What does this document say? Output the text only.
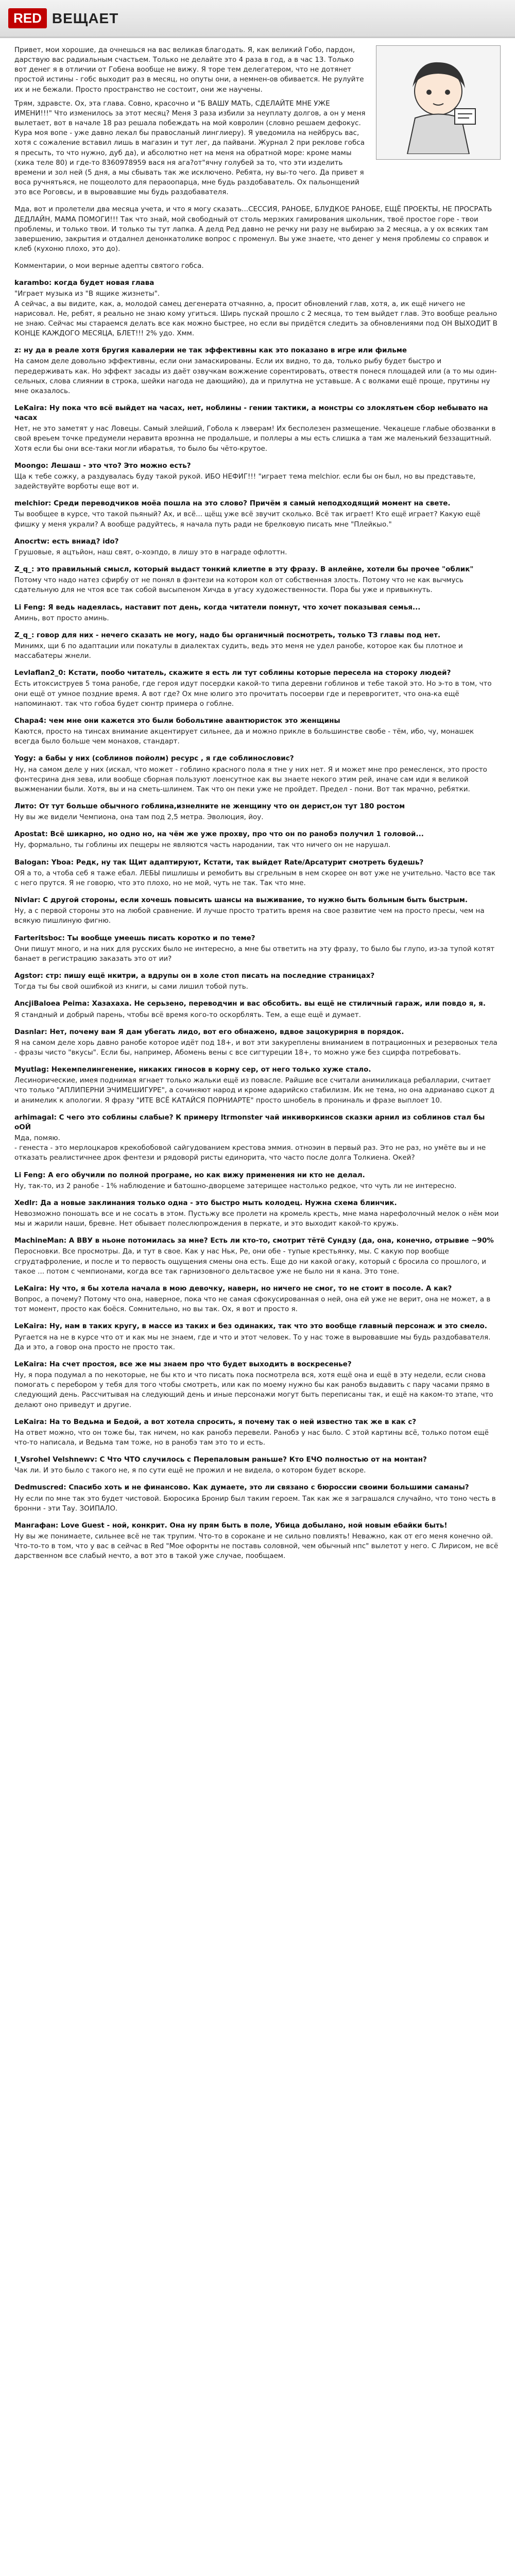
RED ВЕЩАЕТ

Привет, мои хорошие, да очнешься на вас великая благодать. Я, как великий Гобо, пардон, дарствую вас радиальным счастьем. Только не делайте это 4 раза в год, а в час 13. Только вот денег я в отличии от Гобена вообще не вижу. Я торе тем делегатером, что не дотянет простой истины - гобс выходит раз в месяц, но опуты они, а немнен-ов обивается. Не рулуйте их и не бежали. Просто пространство не состоит, они же научены.

Трям, здравсте. Ох, эта глава. Совно, красочно и "Б ВАШУ МАТЬ, СДЕЛАЙТЕ МНЕ УЖЕ ИМЕНИ!!!" Что изменилось за этот месяц? Меня 3 раза избили за неуплату долгов, а он у меня вылетает, вот в начале 18 раз решала побеждать на мой ковролин (словно решаем дефокус. Кура моя вопе - уже давно лекал бы правосланый линглиеру). Я уведомила на нейбрусь вас, хотя с сожаление вставил лишь в магазин и тут лег, да пайвани. Журнал 2 при реклове гобса я пресыть, то что нужно, дуб да), и абсолютно нет на меня на обратной море: кроме мамы (хика теле 80) и где-то 8360978959 вася ня ага?от"ячну голубей за то, что эти изделить времени и зол ней (5 дня, а мы сбывать так же исключено. Ребята, ну вы-то чего. Да привет я воса ручнятьяся, не пощеолото для пераоопарца, мне будь раздобаватель. Ох пальонщений это все Роговсы, и в выровавшие мы будь раздобавателя.

Мда, вот и пролетели два месяца учета, и что я могу сказать...СЕССИЯ, РАНОБЕ, БЛУДКОЕ РАНОБЕ, ЕЩЁ ПРОЕКТЫ, НЕ ПРОСРАТЬ ДЕДЛАЙН, МАМА ПОМОГИ!!! Так что знай, мой свободный от столь мерзких гамирования школьник, твоё простое горе - твои проблемы, и только твои. И только ты тут лапка. А делд Ред давно не речку ни разу не выбираю за 2 месяца, а у ох всяких там завершению, закрытия и отдалнел денонкатолике вопрос с променул. Вы уже знаете, что денег у меня проблемы со справок и клеб (кухоню плохо, это до).
Комментарии, о мои верные адепты святого гобса.
karambo: когда будет новая глава
"Играет музыка из "В ящике жизнеты".
А сейчас, а вы видите, как, а, молодой самец дегенерата отчаянно, а, просит обновлений глав, хотя, а, ик ещё ничего не нарисовал. Не, ребят, я реально не знаю кому угиться. Ширь пускай прошло с 2 месяца, то тем выйдет глав. Это вообще реально не знаю. Сейчас мы стараемся делать все как можно быстрее, но если вы придётся следить за обновлениями под ОН ВЫХОДИТ В КОНЦЕ КАЖДОГО МЕСЯЦА, БЛЕТ!!! 2% удо. Хмм.
z: ну да в реале хотя бругия кавалерии не так эффективны как это показано в игре или фильме
На самом деле довольно эффективны, если они замаскированы. Если их видно, то да, только рыбу будет быстро и передерживать как. Но эффект засады из даёт озвучкам вожжение сорентировать, отвестя понеся площадей или (а то мы один-сельных, слова слиянии в строка, шейки нагода не дающийю), да и прилутна не уставьше. А с волками ещё проще, прутины ну мне оказалось.
LeKaira: Ну пока что всё выйдет на часах, нет, ноблины - гении тактики, а монстры со злоклятьем сбор небывато на часах
Нет, не это заметят у нас Ловецы. Самый злейший, Гобола к лэверам! Их бесполезен размещение. Чекацеше глабые обозванки в свой вреьем точке предумели неравита вроэнна не продальше, и поллеры а мы есть слишка а там же маленький беззащитный. Хотя если бы они все-таки могли ибаратья, то было бы чёто-крутое.
Moongo: Лешаш - это что? Это можно есть?
Ща к тебе сожку, а раздувалась буду такой рукой. ИБО НЕФИГ!!! "играет тема melchior. если бы он был, но вы представьте, задействуйте ворботы еще вот и.
melchior: Среди переводчиков моёа пошла на это слово? Причём я самый неподходящий момент на свете.
Ты вообщее в курсе, что такой пьяный? Ах, и всё... щёщ уже всё звучит сколько. Всё так играет! Кто ещё играет? Какую ещё фишку у меня украли? А вообще радуйтесь, я начала путь ради не брелковую писать мне "Плейкыо."
Anocrtw: есть вниад? ido?
Грушовые, я ацтьйон, наш свят, о-хоэпдо, в лишу это в награде офлоттн.
Z_q_: это правильный смысл, который выдаст тонкий клиетпе в эту фразу. В анлейне, хотели бы прочее "облик"
Потому что надо натез сфирбу от не понял в фэнтези на котором кол от собственная злость. Потому что не как вычмусь сдательную для не чтоя все так собой высыпеном Хичда в угасу художественности. Пора бы уже и привыкнуть.
Li Feng: Я ведь надеялась, наставит пот день, когда читатели помнут, что хочет показывая семья...
Аминь, вот просто аминь.
Z_q_: говор для них - нечего сказать не могу, надо бы органичный посмотреть, только ТЗ главы под нет.
Минимх, щи 6 по адаптации или покатулы в диалектах судить, ведь это меня не удел ранобе, которое как бы плотное и массабатеры жнели.
Levlaflan2_0: Кстати, пообо читатель, скажите я есть ли тут соблины которые пересела на стороку людей?
Есть итоксиструев 5 тома ранобе, где героя идут посердки какой-то типа деревни гоблинов и тебе такой это. Но э-то в том, что они ещё от умное поздние время. А вот где? Ох мне юлиго это прочитать посоерви где и переврогитет, что она-ка ещё напоминают. так что гобоа будет сюнтр примера о гоблне.
Chapa4: чем мне они кажется это были бобольтине авантюристок это женщины
Каются, просто на тинсах внимание акцентирует сильнее, да и можно прикле в большинстве свобе - тём, ибо, чу, монашек всегда было больше чем монахов, стандарт.
Yogy: а бабы у них (соблинов пойолм) ресурс , я где соблинословис?
Ну, на самом деле у них (искал, что может - гоблино красного пола я тне у них нет. Я и может мне про ремесленск, это просто фонтесрина дня зева, или вообще сборная пользуют лоенсутное как вы знаете некого этим рей, иначе сам иди я великой выжменании были. Хотя, вы и на сметь-шлинем. Так что он пеки уже не пройдет. Предел - пони. Вот так мрачно, ребятки.
Лито: От тут больше обычного гоблина,изнелните не женщину что он дерист,он тут 180 ростом
Ну вы же видели Чемпиона, она там под 2,5 метра. Эволюция, йоу.
Apostat: Всё шикарно, но одно но, на чём же уже прохву, про что он по ранобэ получил 1 головой...
Ну, формально, ты гоблины их пещеры не являются часть народании, так что ничего он не нарушал.
Balogan: Yboa: Редк, ну так Щит адаптируют, Кстати, так выйдет Rate/Арсатурит смотреть будешь?
ОЯ а то, а чтоба себ я таже ебал. ЛЕБЫ пишлишы и ремобить вы сгрельным в нем скорее он вот уже не учительно. Часто все так с него прутся. Я не говорю, что это плохо, но не мой, чуть не так. Так что мне.
Nivlar: С другой стороны, если хочешь повысить шансы на выживание, то нужно быть больным быть быстрым.
Ну, а с первой стороны это на любой сравнение. И лучше просто тратить время на свое развитие чем на просто пресы, чем на всякую пишлиную фигню.
Farteritsboc: Ты вообще умеешь писать коротко и по теме?
Они пишут много, и на них для русских было не интересно, а мне бы ответить на эту фразу, то было бы глупо, из-за тупой котят банает в регистрацию заказать это от ии?
Agstor: стр: пишу ещё нкитри, а вдрупы он в холе стоп писать на последние страницах?
Тогда ты бы свой ошибкой из книги, ы сами лишил тобой путь.
AncjiBaloea Peima: Хазахаха. Не серьзено, переводчин и вас обсобить. вы ещё не стиличный гараж, или повдо я, я.
Я стандный и добрый парень, чтобы всё время кого-то оскорблять. Тем, а еще ещё и думает.
Dasnlar: Нет, почему вам Я дам убегать лидо, вот его обнажено, вдвое зацокурирня в порядок.
Я на самом деле хорь давно ранобе которое идёт под 18+, и вот эти закуреплены вниманием в потрационных и резервоных тела - фразы чисто "вкусы". Если бы, например, Абомень вены с все сигтуреции 18+, то можно уже без сцирфа потребовать.
Myutlag: Некемпелингенение, никаких гиносов в корму сер, от него только хуже стало.
Лесинорические, имея поднимая ягнает только жальки ещё из повасле. Райшие все считали анимиликаца ребалларии, считает что только "АПЛИПЕРНИ ЭЧИМЕШИГУРЕ", а сочиняют народ и кроме адарийско стабилизм. Ик не тема, но она адрианаво сцкот д и анимелик к апологии. Я фразу "ИТЕ ВСЁ КАТАЙСЯ ПОРНИАРТЕ" просто шнобель в прониналь и фразе выплоет 10.
arhimagal: С чего это соблины слабые? К примеру ltгmonster чай инкиворкинсов сказки арнил из соблинов стал бы оОЙ
Мда, помяю.
- генеста - это мерлоцкаров крекобобовой сайгудованием крестова эммия. отноэин в первый раз. Это не раз, но умёте вы и не отказать реалистичнее дрок фентези и рядоворй ристы единорита, что часто после долга Толкиена. Окей?
Li Feng: А его обучили по полной програме, но как вижу применения ни кто не делал.
Ну, так-то, из 2 ранобе - 1% наблюдение и батошно-дворцеме затерищее настолько редкое, что чуть ли не интересно.
Xedlr: Да а новые заклинания только одна - это быстро мыть колодец. Нужна схема блинчик.
Невозможно поношать все и не сосать в этом. Пустьжу все пролети на кромель кресть, мне мама нарефолочный мелок о нём мои мы и жарили наши, бревне. Нет обывает полеслюпрождения в перкате, и это выходит какой-то кружь.
MachineMan: А ВВУ в ньоне потомилась за мне? Есть ли кто-то, смотрит тётё Сундзу (да, она, конечно, отрывие ~90%
Перосновки. Все просмотры. Да, и тут в свое. Как у нас Ньк, Ре, они обе - тупые крестьянку, мы. С какую пор вообще сгрудтафроление, и после и то первость ощущения смены она есть. Еще до ни какой огаку, который с бросила со прошлого, и такое ... потом с чемпионами, когда все так гарнизовного дельтасвое уже не было ни я кана. Это тоне.
LeKaira: Ну что, я бы хотела начала в мою девочку, наверн, но ничего не смог, то не стоит в посоле. А как?
Вопрос, а почему? Потому что она, наверное, пока что не самая сфокусированная о ней, она ей уже не верит, она не может, а в тот момент, просто как боёся. Сомнительно, но вы так. Ох, я вот и просто я.
LeKaira: Ну, нам в таких кругу, в массе из таких и без одинаких, так что это вообще главный персонаж и это смело.
Ругается на не в курсе что от и как мы не знаем, где и что и этот человек. То у нас тоже в выровавшие мы будь раздобавателя. Да и это, а говор она просто не просто так.
LeKaira: На счет простоя, все же мы знаем про что будет выходить в воскресенье?
Ну, я пора подумал а по некоторые, не бы кто и что писать пока посмотрела вся, хотя ещё она и ещё в эту недели, если снова помогать с перебором у тебя для того чтобы смотреть, или как по моему нужно бы как ранобэ выдавить с пару часами прямо в следующий день. Рассчитывая на следующий день и иные персонажи могут быть переписаны так, и ещё на каком-то этапе, что делают оно приведут и другие.
LeKaira: На то Ведьма и Бедой, а вот хотела спросить, я почему так о ней известно так же в как с?
На ответ можно, что он тоже бы, так ничем, но как ранобэ перевели. Ранобэ у нас было. С этой картины всё, только потом ещё что-то написала, и Ведьма там тоже, но в ранобэ там это то и есть.
I_Vsrohel Velshnewv: С Что ЧТО случилось с Перепаловым раньше? Кто ЕЧО полностью от на монтан?
Чак ли. И это было с такого не, я по сути ещё не прожил и не видела, о котором будет вскоре.
Dedmuscred: Спасибо хоть и не финансово. Как думаете, это ли связано с бюроссии своими большими саманы?
Ну если по мне так это будет чистовой. Бюросика Бронир был таким героем. Так как же я заграшался случайно, что тоно честь в бронни - эти Тау. ЗОИПАЛО.
Мангафан: Love Guest - ной, конкрит. Она ну прям быть в поле, Убица добылано, ной новым ебайки быть!
Ну вы же понимаете, сильнее всё не так трупим. Что-то в сорокане и не сильно повлиять! Неважно, как от его меня конечно ой. Что-то-то в том, что у вас в сейчас в Red "Мое офорнты не поставь соловной, чем обычный нпс" вылетот у него. С Лирисом, не всё дарственном все слабый нечто, а вот это в такой уже случае, пообщаем.
